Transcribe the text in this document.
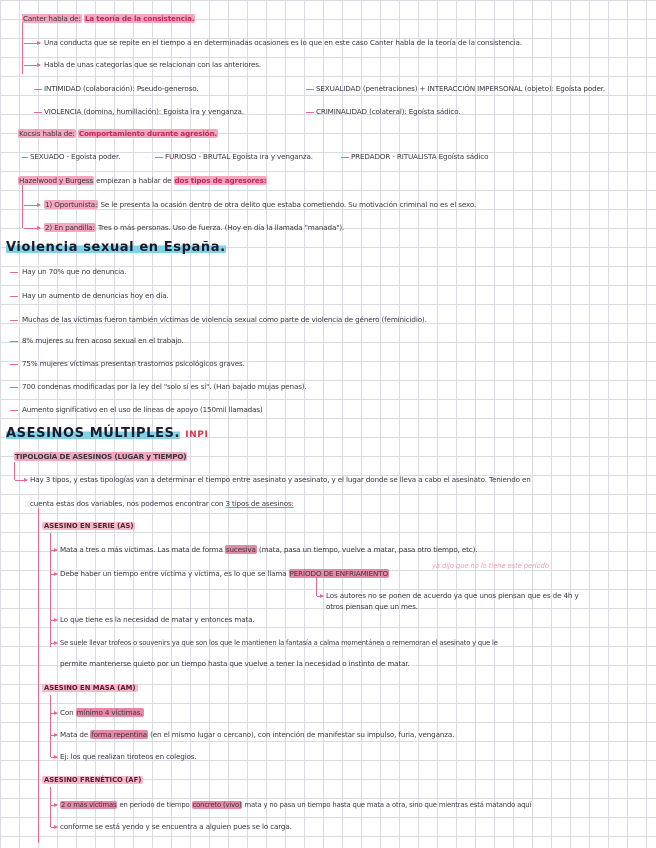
Canter habla de: La teoría de la consistencia.
Una conducta que se repite en el tiempo a en determinadas ocasiones es lo que en este caso Canter habla de la teoría de la consistencia.
Habla de unas categorías que se relacionan con las anteriores.
INTIMIDAD (colaboración): Pseudo-generoso.	SEXUALIDAD (penetraciones) + INTERACCIÓN IMPERSONAL (objeto): Egoísta poder.
VIOLENCIA (domina, humillación): Egoísta ira y venganza.	CRIMINALIDAD (colateral): Egoísta sádico.
Kocsis habla de: Comportamiento durante agresión.
SEXUADO - Egoísta poder.	FURIOSO - BRUTAL Egoísta ira y venganza.	PREDADOR - RITUALISTA Egoísta sádico
Hazelwood y Burgess empiezan a hablar de dos tipos de agresores:
1) Oportunista: Se le presenta la ocasión dentro de otra delito que estaba cometiendo. Su motivación criminal no es el sexo.
2) En pandilla: Tres o más personas. Uso de fuerza. (Hoy en día la llamada "manada").
Violencia sexual en España.
Hay un 70% que no denuncia.
Hay un aumento de denuncias hoy en día.
Muchas de las víctimas fueron también víctimas de violencia sexual como parte de violencia de género (feminicidio).
8% mujeres su fren acoso sexual en el trabajo.
75% mujeres víctimas presentan trastornos psicológicos graves.
700 condenas modificadas por la ley del "solo sí es sí". (Han bajado mujas penas).
Aumento significativo en el uso de líneas de apoyo (150mil llamadas)
ASESINOS MÚLTIPLES. INPI
TIPOLOGÍA DE ASESINOS (LUGAR y TIEMPO)
Hay 3 tipos, y estas tipologías van a determinar el tiempo entre asesinato y asesinato, y el lugar donde se lleva a cabo el asesinato. Teniendo en
cuenta estas dos variables, nos podemos encontrar con 3 tipos de asesinos:
ASESINO EN SERIE (AS)
Mata a tres o más víctimas. Las mata de forma sucesiva (mata, pasa un tiempo, vuelve a matar, pasa otro tiempo, etc).
Debe haber un tiempo entre víctima y víctima, es lo que se llama PERÍODO DE ENFRIAMIENTO
ya dijo que no lo tiene este período
Los autores no se ponen de acuerdo ya que unos piensan que es de 4h y
otros piensan que un mes.
Lo que tiene es la necesidad de matar y entonces mata.
Se suele llevar trofeos o souvenirs ya que son los que le mantienen la fantasía a calma momentánea o rememoran el asesinato y que le
permite mantenerse quieto por un tiempo hasta que vuelve a tener la necesidad o instinto de matar.
ASESINO EN MASA (AM)
Con mínimo 4 víctimas.
Mata de forma repentina (en el mismo lugar o cercano), con intención de manifestar su impulso, furia, venganza.
Ej: los que realizan tiroteos en colegios.
ASESINO FRENÉTICO (AF)
2 o más víctimas en período de tiempo concreto (vivo) mata y no pasa un tiempo hasta que mata a otra, sino que mientras está matando aquí
conforme se está yendo y se encuentra a alguien pues se lo carga.
